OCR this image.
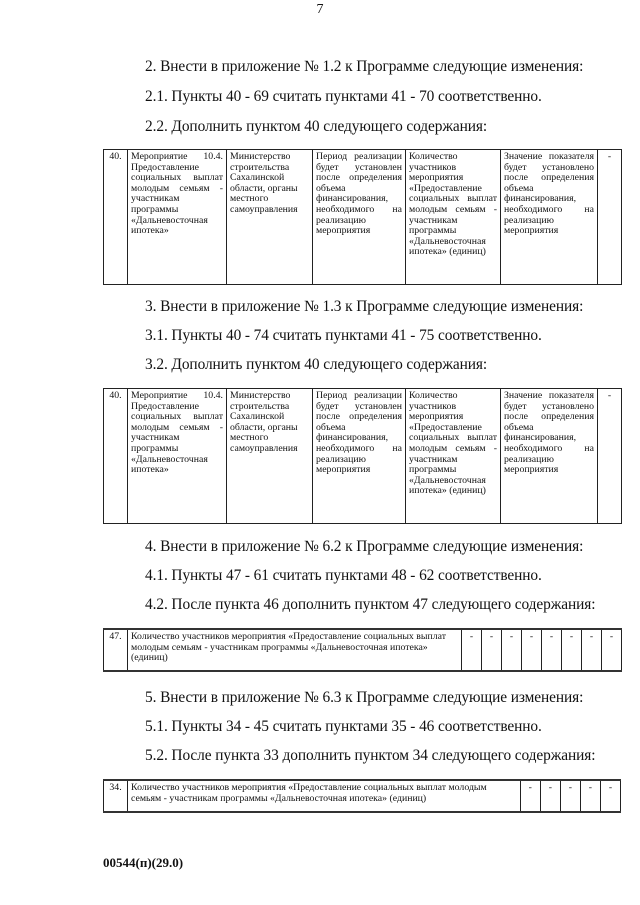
7
2. Внести в приложение № 1.2 к Программе следующие изменения:
2.1. Пункты 40 - 69 считать пунктами 41 - 70 соответственно.
2.2. Дополнить пунктом 40 следующего содержания:
40.	Мероприятие 10.4. Предоставление социальных выплат молодым семьям - участникам программы «Дальневосточная ипотека»	Министерство строительства Сахалинской области, органы местного самоуправления	Период реализации будет установлен после определения объема финансирования, необходимого на реализацию мероприятия	Количество участников мероприятия «Предоставление социальных выплат молодым семьям - участникам программы «Дальневосточная ипотека» (единиц)	Значение показателя будет установлено после определения объема финансирования, необходимого на реализацию мероприятия	-
3. Внести в приложение № 1.3 к Программе следующие изменения:
3.1. Пункты 40 - 74 считать пунктами 41 - 75 соответственно.
3.2. Дополнить пунктом 40 следующего содержания:
40.	Мероприятие 10.4. Предоставление социальных выплат молодым семьям - участникам программы «Дальневосточная ипотека»	Министерство строительства Сахалинской области, органы местного самоуправления	Период реализации будет установлен после определения объема финансирования, необходимого на реализацию мероприятия	Количество участников мероприятия «Предоставление социальных выплат молодым семьям - участникам программы «Дальневосточная ипотека» (единиц)	Значение показателя будет установлено после определения объема финансирования, необходимого на реализацию мероприятия	-
4. Внести в приложение № 6.2 к Программе следующие изменения:
4.1. Пункты 47 - 61 считать пунктами 48 - 62 соответственно.
4.2. После пункта 46 дополнить пунктом 47 следующего содержания:
47.	Количество участников мероприятия «Предоставление социальных выплат молодым семьям - участникам программы «Дальневосточная ипотека» (единиц)	-	-	-	-	-	-	-	-
5. Внести в приложение № 6.3 к Программе следующие изменения:
5.1. Пункты 34 - 45 считать пунктами 35 - 46 соответственно.
5.2. После пункта 33 дополнить пунктом 34 следующего содержания:
34.	Количество участников мероприятия «Предоставление социальных выплат молодым семьям - участникам программы «Дальневосточная ипотека» (единиц)	-	-	-	-	-
00544(п)(29.0)
